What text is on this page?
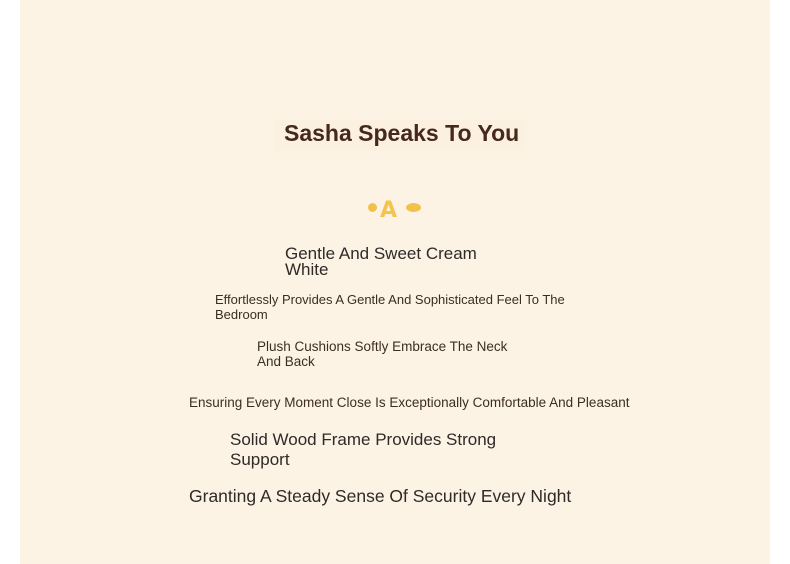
Sasha Speaks To You
A
Gentle And Sweet Cream White
Effortlessly Provides A Gentle And Sophisticated Feel To The Bedroom
Plush Cushions Softly Embrace The Neck And Back
Ensuring Every Moment Close Is Exceptionally Comfortable And Pleasant
Solid Wood Frame Provides Strong Support
Granting A Steady Sense Of Security Every Night
